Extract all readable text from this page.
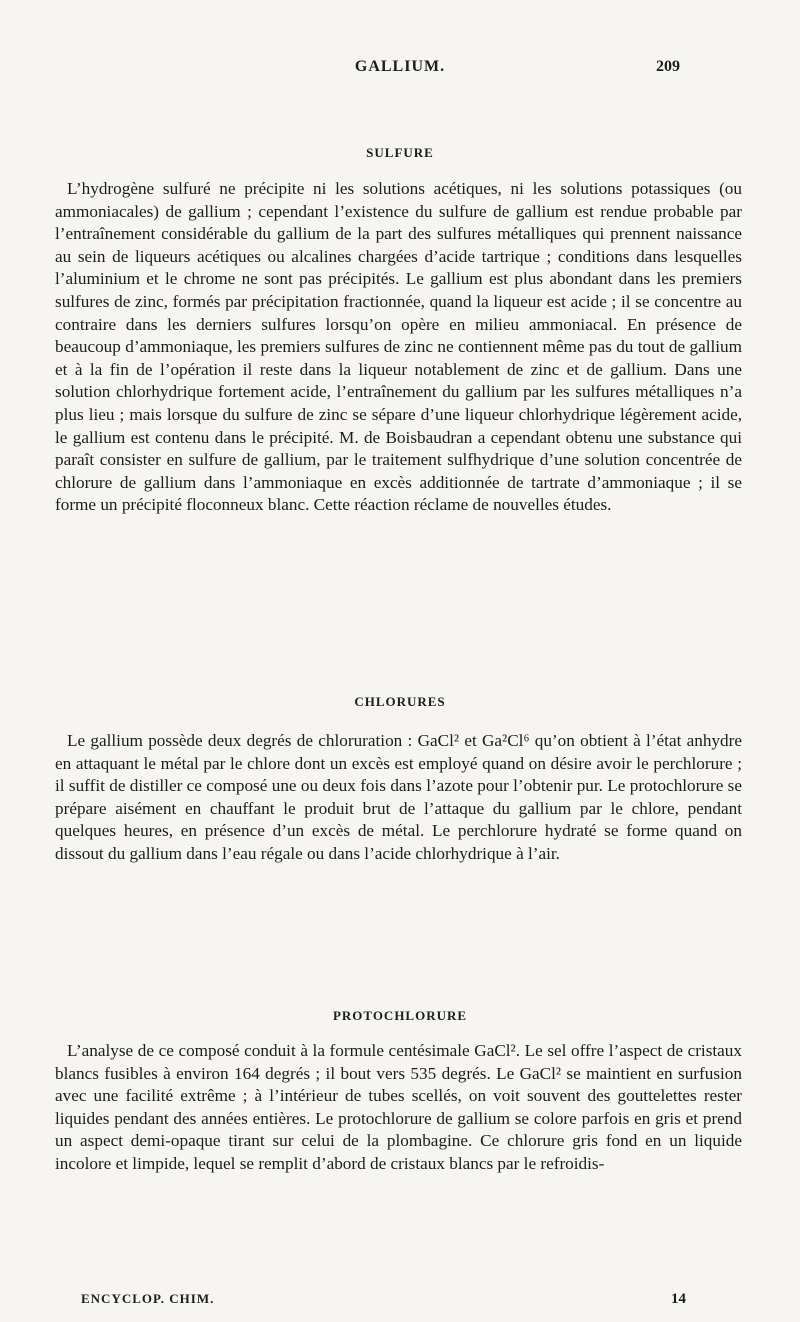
GALLIUM.	209
SULFURE

L’hydrogène sulfuré ne précipite ni les solutions acétiques, ni les solutions potassiques (ou ammoniacales) de gallium ; cependant l’existence du sulfure de gallium est rendue probable par l’entraînement considérable du gallium de la part des sulfures métalliques qui prennent naissance au sein de liqueurs acétiques ou alcalines chargées d’acide tartrique ; conditions dans lesquelles l’aluminium et le chrome ne sont pas précipités. Le gallium est plus abondant dans les premiers sulfures de zinc, formés par précipitation fractionnée, quand la liqueur est acide ; il se concentre au contraire dans les derniers sulfures lorsqu’on opère en milieu ammoniacal. En présence de beaucoup d’ammoniaque, les premiers sulfures de zinc ne contiennent même pas du tout de gallium et à la fin de l’opération il reste dans la liqueur notablement de zinc et de gallium. Dans une solution chlorhydrique fortement acide, l’entraînement du gallium par les sulfures métalliques n’a plus lieu ; mais lorsque du sulfure de zinc se sépare d’une liqueur chlorhydrique légèrement acide, le gallium est contenu dans le précipité. M. de Boisbaudran a cependant obtenu une substance qui paraît consister en sulfure de gallium, par le traitement sulfhydrique d’une solution concentrée de chlorure de gallium dans l’ammoniaque en excès additionnée de tartrate d’ammoniaque ; il se forme un précipité floconneux blanc. Cette réaction réclame de nouvelles études.

CHLORURES

Le gallium possède deux degrés de chloruration : GaCl² et Ga²Cl⁶ qu’on obtient à l’état anhydre en attaquant le métal par le chlore dont un excès est employé quand on désire avoir le perchlorure ; il suffit de distiller ce composé une ou deux fois dans l’azote pour l’obtenir pur. Le protochlorure se prépare aisément en chauffant le produit brut de l’attaque du gallium par le chlore, pendant quelques heures, en présence d’un excès de métal. Le perchlorure hydraté se forme quand on dissout du gallium dans l’eau régale ou dans l’acide chlorhydrique à l’air.

PROTOCHLORURE

L’analyse de ce composé conduit à la formule centésimale GaCl². Le sel offre l’aspect de cristaux blancs fusibles à environ 164 degrés ; il bout vers 535 degrés. Le GaCl² se maintient en surfusion avec une facilité extrême ; à l’intérieur de tubes scellés, on voit souvent des gouttelettes rester liquides pendant des années entières. Le protochlorure de gallium se colore parfois en gris et prend un aspect demi-opaque tirant sur celui de la plombagine. Ce chlorure gris fond en un liquide incolore et limpide, lequel se remplit d’abord de cristaux blancs par le refroidis-

ENCYCLOP. CHIM.	14
